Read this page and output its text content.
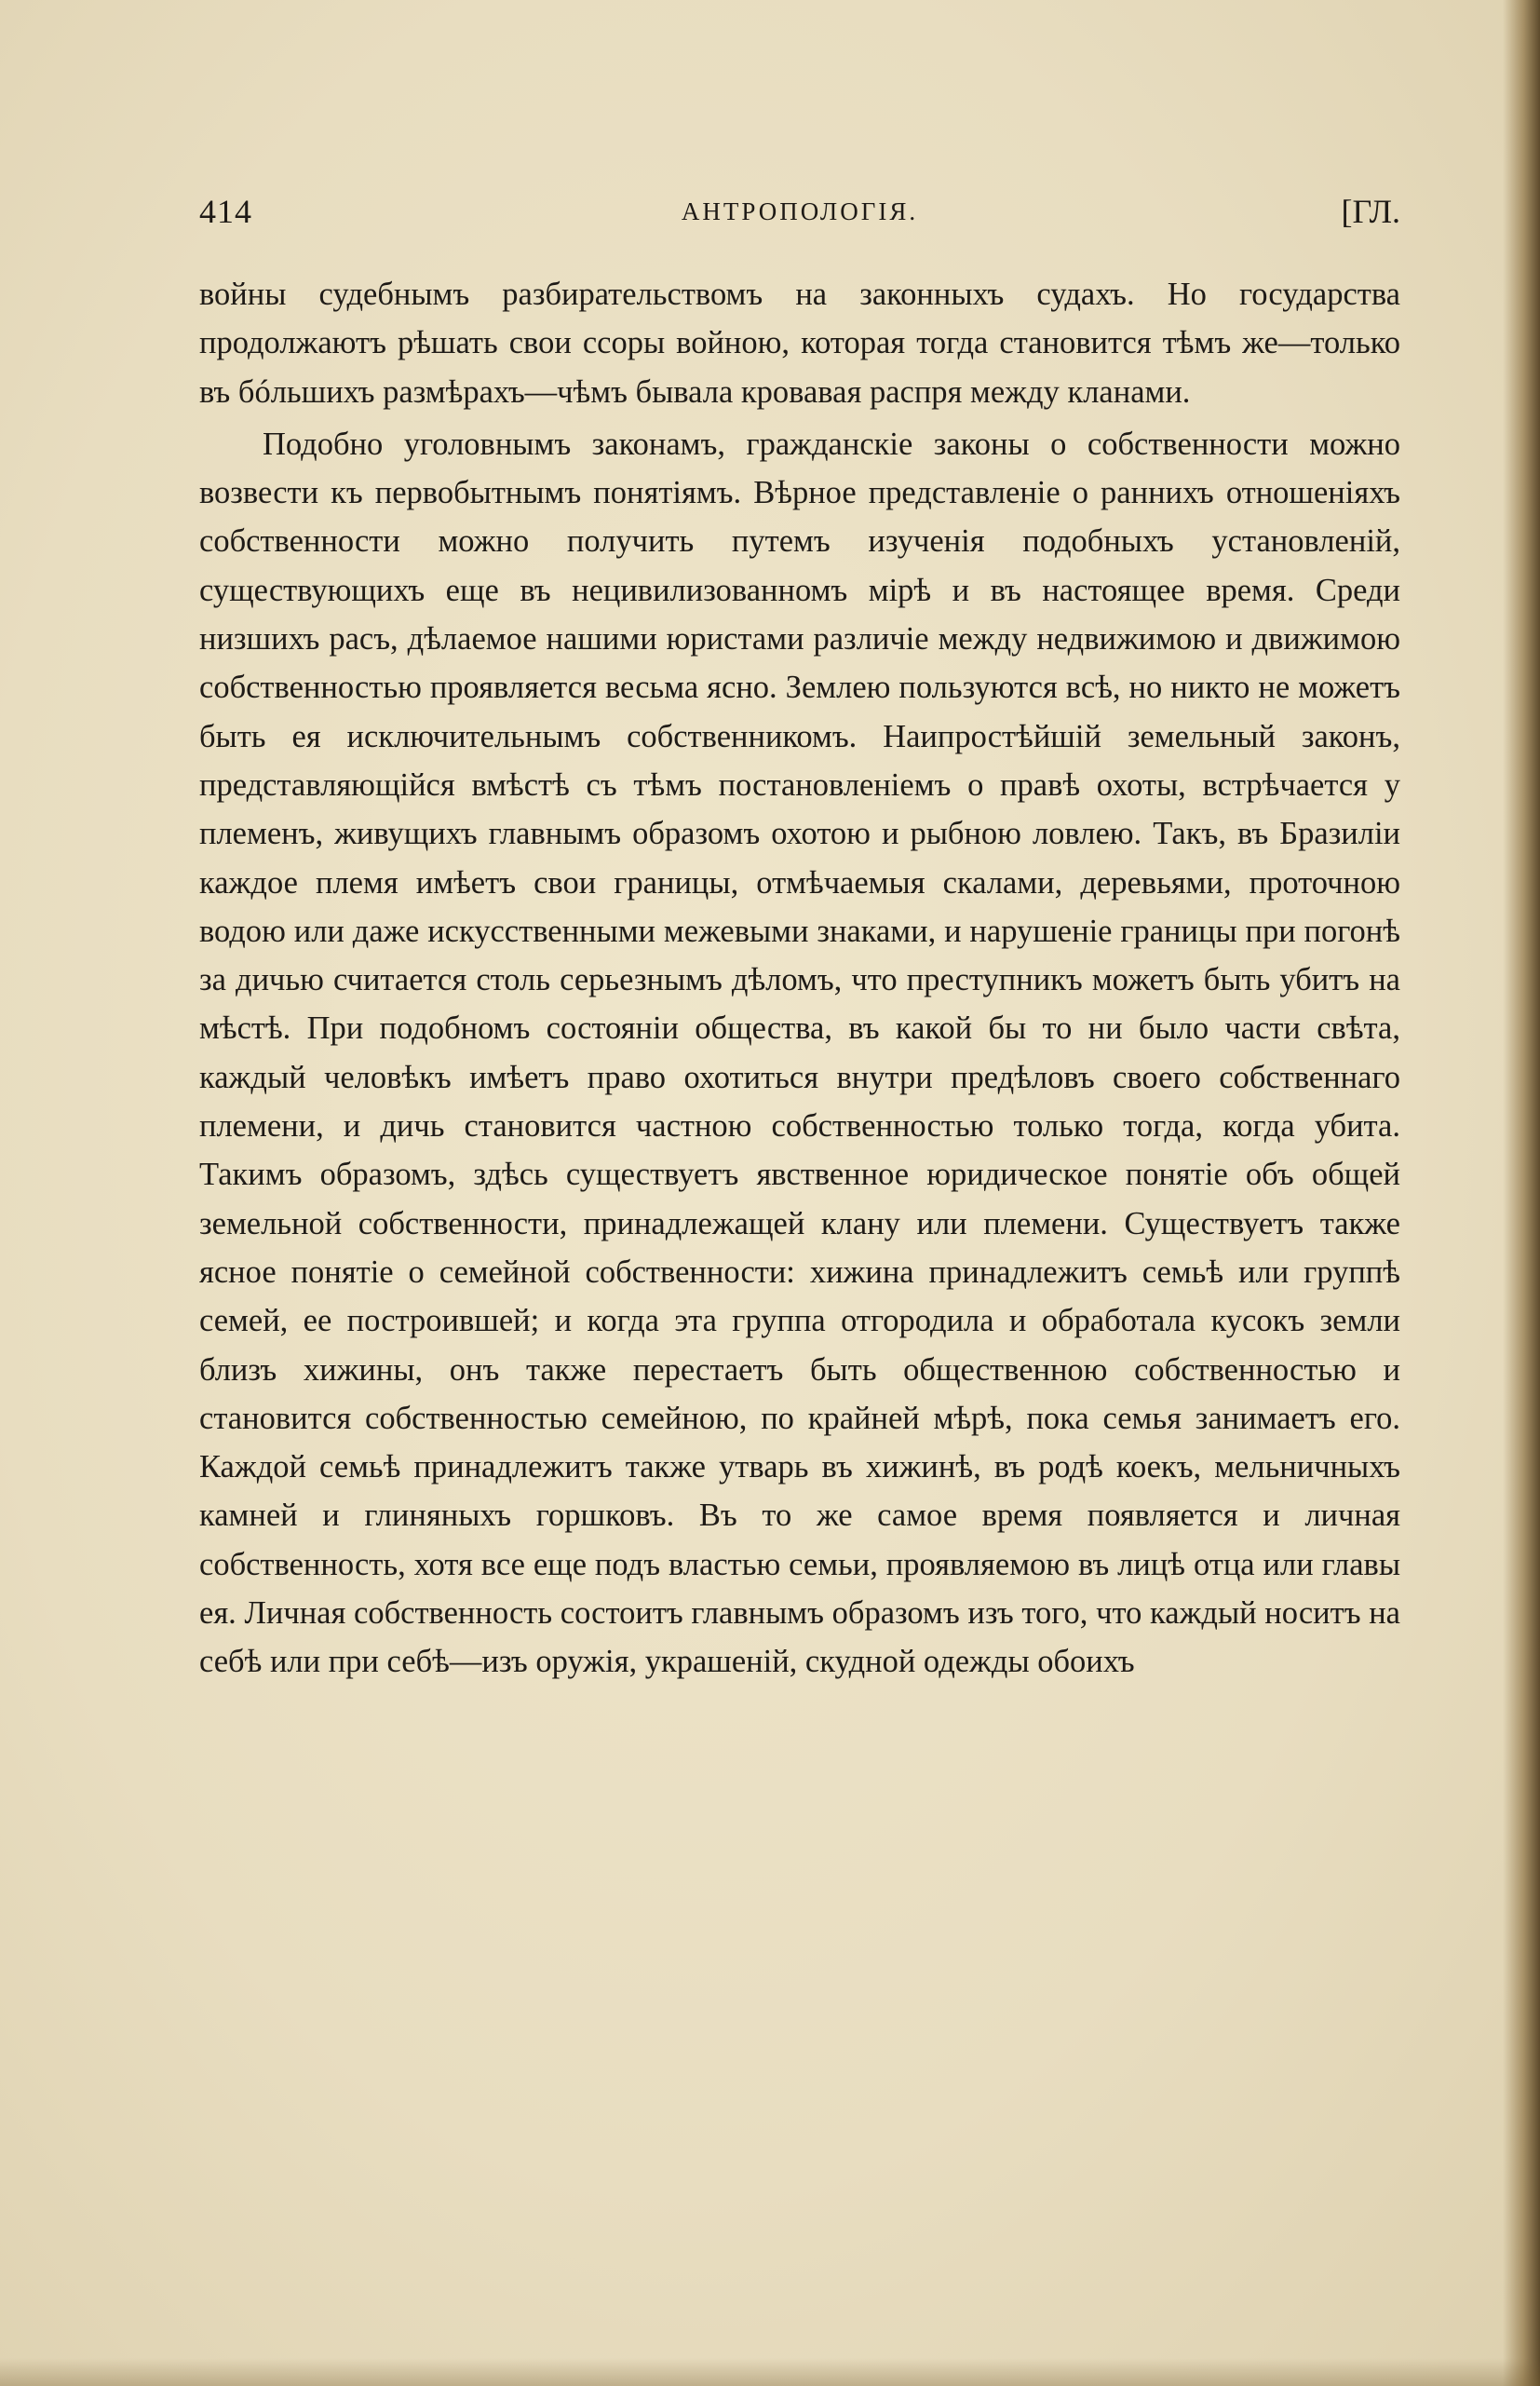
414	АНТРОПОЛОГІЯ.	[ГЛ.

войны судебнымъ разбирательствомъ на законныхъ судахъ. Но государства продолжаютъ рѣшать свои ссоры войною, которая тогда становится тѣмъ же—только въ бóльшихъ размѣрахъ—чѣмъ бывала кровавая распря между кланами.

Подобно уголовнымъ законамъ, гражданскіе законы о собственности можно возвести къ первобытнымъ понятіямъ. Вѣрное представленіе о раннихъ отношеніяхъ собственности можно получить путемъ изученія подобныхъ установленій, существующихъ еще въ нецивилизованномъ мірѣ и въ настоящее время. Среди низшихъ расъ, дѣлаемое нашими юристами различіе между недвижимою и движимою собственностью проявляется весьма ясно. Землею пользуются всѣ, но никто не можетъ быть ея исключительнымъ собственникомъ. Наипростѣйшій земельный законъ, представляющійся вмѣстѣ съ тѣмъ постановленіемъ о правѣ охоты, встрѣчается у племенъ, живущихъ главнымъ образомъ охотою и рыбною ловлею. Такъ, въ Бразиліи каждое племя имѣетъ свои границы, отмѣчаемыя скалами, деревьями, проточною водою или даже искусственными межевыми знаками, и нарушеніе границы при погонѣ за дичью считается столь серьезнымъ дѣломъ, что преступникъ можетъ быть убитъ на мѣстѣ. При подобномъ состояніи общества, въ какой бы то ни было части свѣта, каждый человѣкъ имѣетъ право охотиться внутри предѣловъ своего собственнаго племени, и дичь становится частною собственностью только тогда, когда убита. Такимъ образомъ, здѣсь существуетъ явственное юридическое понятіе объ общей земельной собственности, принадлежащей клану или племени. Существуетъ также ясное понятіе о семейной собственности: хижина принадлежитъ семьѣ или группѣ семей, ее построившей; и когда эта группа отгородила и обработала кусокъ земли близъ хижины, онъ также перестаетъ быть общественною собственностью и становится собственностью семейною, по крайней мѣрѣ, пока семья занимаетъ его. Каждой семьѣ принадлежитъ также утварь въ хижинѣ, въ родѣ коекъ, мельничныхъ камней и глиняныхъ горшковъ. Въ то же самое время появляется и личная собственность, хотя все еще подъ властью семьи, проявляемою въ лицѣ отца или главы ея. Личная собственность состоитъ главнымъ образомъ изъ того, что каждый носитъ на себѣ или при себѣ—изъ оружія, украшеній, скудной одежды обоихъ
